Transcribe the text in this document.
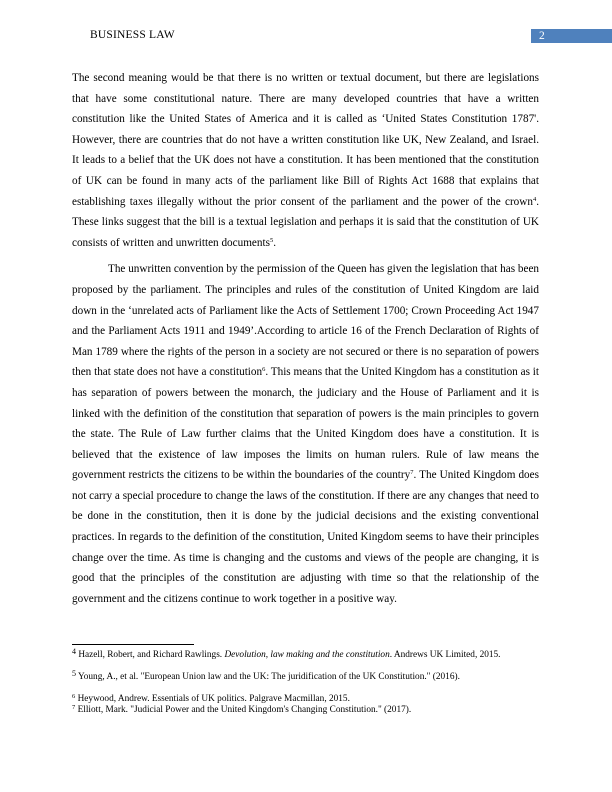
BUSINESS LAW	2

The second meaning would be that there is no written or textual document, but there are legislations that have some constitutional nature. There are many developed countries that have a written constitution like the United States of America and it is called as ‘United States Constitution 1787'. However, there are countries that do not have a written constitution like UK, New Zealand, and Israel. It leads to a belief that the UK does not have a constitution. It has been mentioned that the constitution of UK can be found in many acts of the parliament like Bill of Rights Act 1688 that explains that establishing taxes illegally without the prior consent of the parliament and the power of the crown$^4$. These links suggest that the bill is a textual legislation and perhaps it is said that the constitution of UK consists of written and unwritten documents$^5$.

The unwritten convention by the permission of the Queen has given the legislation that has been proposed by the parliament. The principles and rules of the constitution of United Kingdom are laid down in the ‘unrelated acts of Parliament like the Acts of Settlement 1700; Crown Proceeding Act 1947 and the Parliament Acts 1911 and 1949’.According to article 16 of the French Declaration of Rights of Man 1789 where the rights of the person in a society are not secured or there is no separation of powers then that state does not have a constitution$^6$. This means that the United Kingdom has a constitution as it has separation of powers between the monarch, the judiciary and the House of Parliament and it is linked with the definition of the constitution that separation of powers is the main principles to govern the state. The Rule of Law further claims that the United Kingdom does have a constitution. It is believed that the existence of law imposes the limits on human rulers. Rule of law means the government restricts the citizens to be within the boundaries of the country$^7$. The United Kingdom does not carry a special procedure to change the laws of the constitution. If there are any changes that need to be done in the constitution, then it is done by the judicial decisions and the existing conventional practices. In regards to the definition of the constitution, United Kingdom seems to have their principles change over the time. As time is changing and the customs and views of the people are changing, it is good that the principles of the constitution are adjusting with time so that the relationship of the government and the citizens continue to work together in a positive way.

4 Hazell, Robert, and Richard Rawlings. Devolution, law making and the constitution. Andrews UK Limited, 2015.

5 Young, A., et al. "European Union law and the UK: The juridification of the UK Constitution." (2016).

$^6$ Heywood, Andrew. Essentials of UK politics. Palgrave Macmillan, 2015.

$^7$ Elliott, Mark. "Judicial Power and the United Kingdom's Changing Constitution." (2017).
